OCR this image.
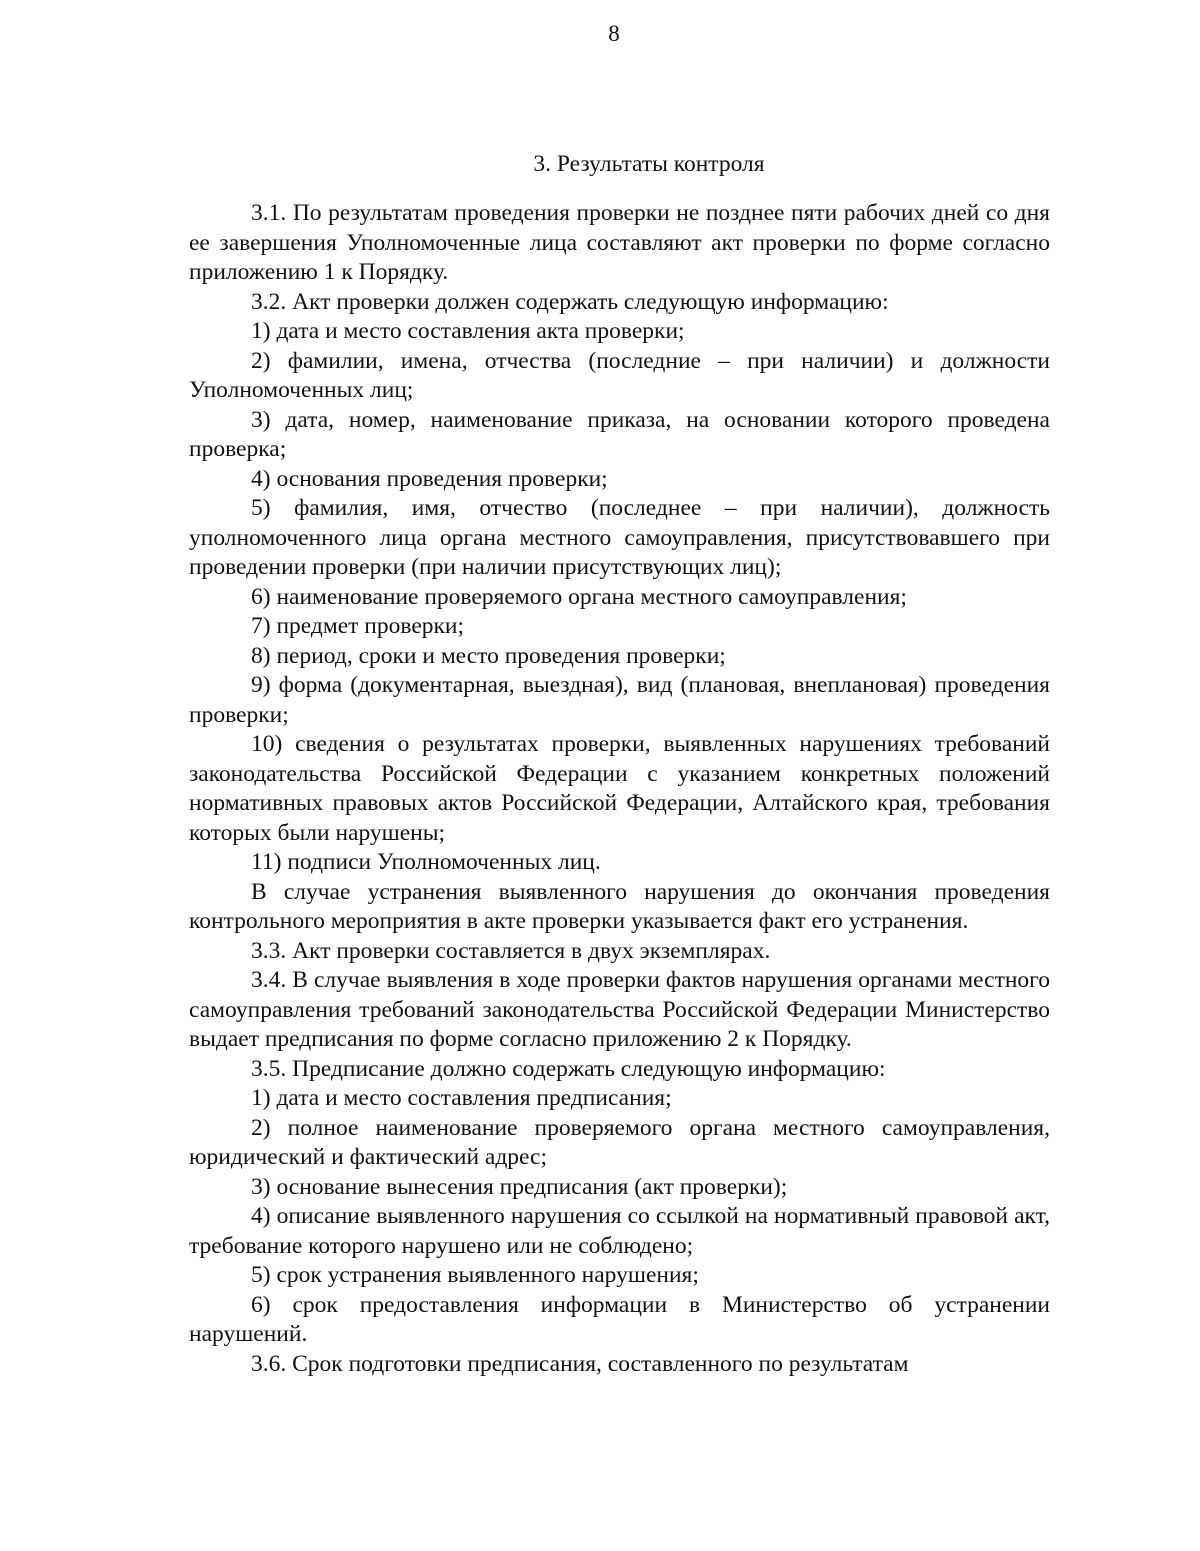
8
3. Результаты контроля

3.1. По результатам проведения проверки не позднее пяти рабочих дней со дня ее завершения Уполномоченные лица составляют акт проверки по форме согласно приложению 1 к Порядку.

3.2. Акт проверки должен содержать следующую информацию:

1) дата и место составления акта проверки;

2) фамилии, имена, отчества (последние – при наличии) и должности Уполномоченных лиц;

3) дата, номер, наименование приказа, на основании которого проведена проверка;

4) основания проведения проверки;

5) фамилия, имя, отчество (последнее – при наличии), должность уполномоченного лица органа местного самоуправления, присутствовавшего при проведении проверки (при наличии присутствующих лиц);

6) наименование проверяемого органа местного самоуправления;

7) предмет проверки;

8) период, сроки и место проведения проверки;

9) форма (документарная, выездная), вид (плановая, внеплановая) проведения проверки;

10) сведения о результатах проверки, выявленных нарушениях требований законодательства Российской Федерации с указанием конкретных положений нормативных правовых актов Российской Федерации, Алтайского края, требования которых были нарушены;

11) подписи Уполномоченных лиц.

В случае устранения выявленного нарушения до окончания проведения контрольного мероприятия в акте проверки указывается факт его устранения.

3.3. Акт проверки составляется в двух экземплярах.

3.4. В случае выявления в ходе проверки фактов нарушения органами местного самоуправления требований законодательства Российской Федерации Министерство выдает предписания по форме согласно приложению 2 к Порядку.

3.5. Предписание должно содержать следующую информацию:

1) дата и место составления предписания;

2) полное наименование проверяемого органа местного самоуправления, юридический и фактический адрес;

3) основание вынесения предписания (акт проверки);

4) описание выявленного нарушения со ссылкой на нормативный правовой акт, требование которого нарушено или не соблюдено;

5) срок устранения выявленного нарушения;

6) срок предоставления информации в Министерство об устранении нарушений.

3.6. Срок подготовки предписания, составленного по результатам
